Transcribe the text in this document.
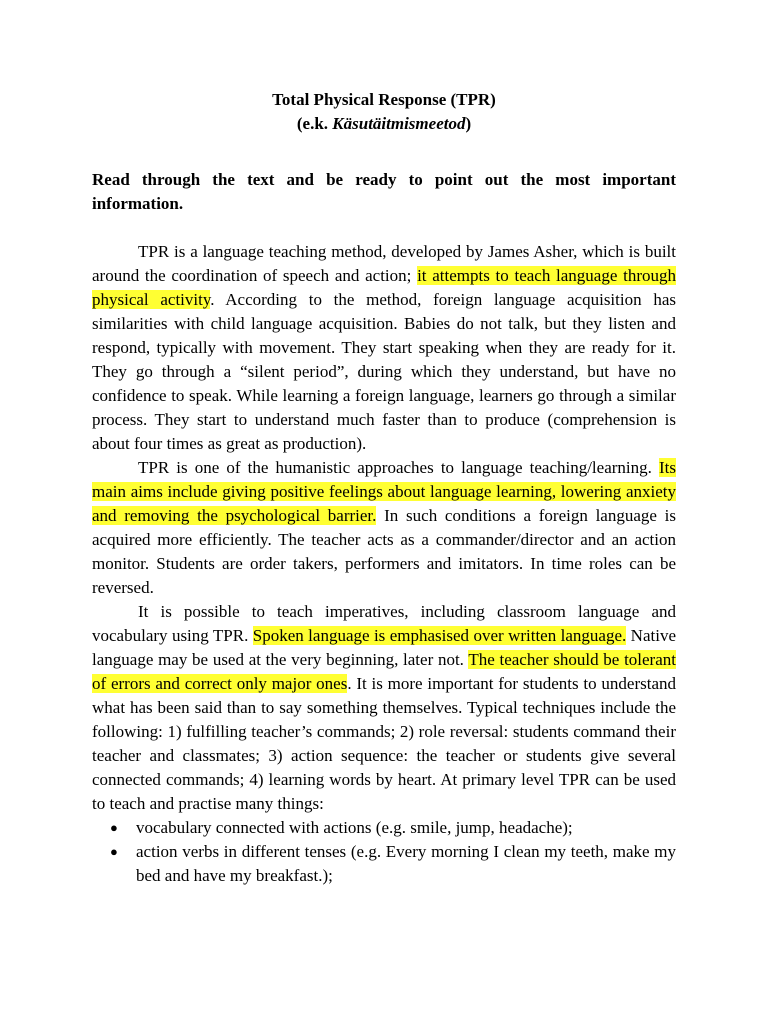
Total Physical Response (TPR)
(e.k. Käsutäitmismeetod)

Read through the text and be ready to point out the most important information.

TPR is a language teaching method, developed by James Asher, which is built around the coordination of speech and action; it attempts to teach language through physical activity. According to the method, foreign language acquisition has similarities with child language acquisition. Babies do not talk, but they listen and respond, typically with movement. They start speaking when they are ready for it. They go through a “silent period”, during which they understand, but have no confidence to speak. While learning a foreign language, learners go through a similar process. They start to understand much faster than to produce (comprehension is about four times as great as production).

TPR is one of the humanistic approaches to language teaching/learning. Its main aims include giving positive feelings about language learning, lowering anxiety and removing the psychological barrier. In such conditions a foreign language is acquired more efficiently. The teacher acts as a commander/director and an action monitor. Students are order takers, performers and imitators. In time roles can be reversed.

It is possible to teach imperatives, including classroom language and vocabulary using TPR. Spoken language is emphasised over written language. Native language may be used at the very beginning, later not. The teacher should be tolerant of errors and correct only major ones. It is more important for students to understand what has been said than to say something themselves. Typical techniques include the following: 1) fulfilling teacher’s commands; 2) role reversal: students command their teacher and classmates; 3) action sequence: the teacher or students give several connected commands; 4) learning words by heart. At primary level TPR can be used to teach and practise many things:

● vocabulary connected with actions (e.g. smile, jump, headache);
● action verbs in different tenses (e.g. Every morning I clean my teeth, make my bed and have my breakfast.);
